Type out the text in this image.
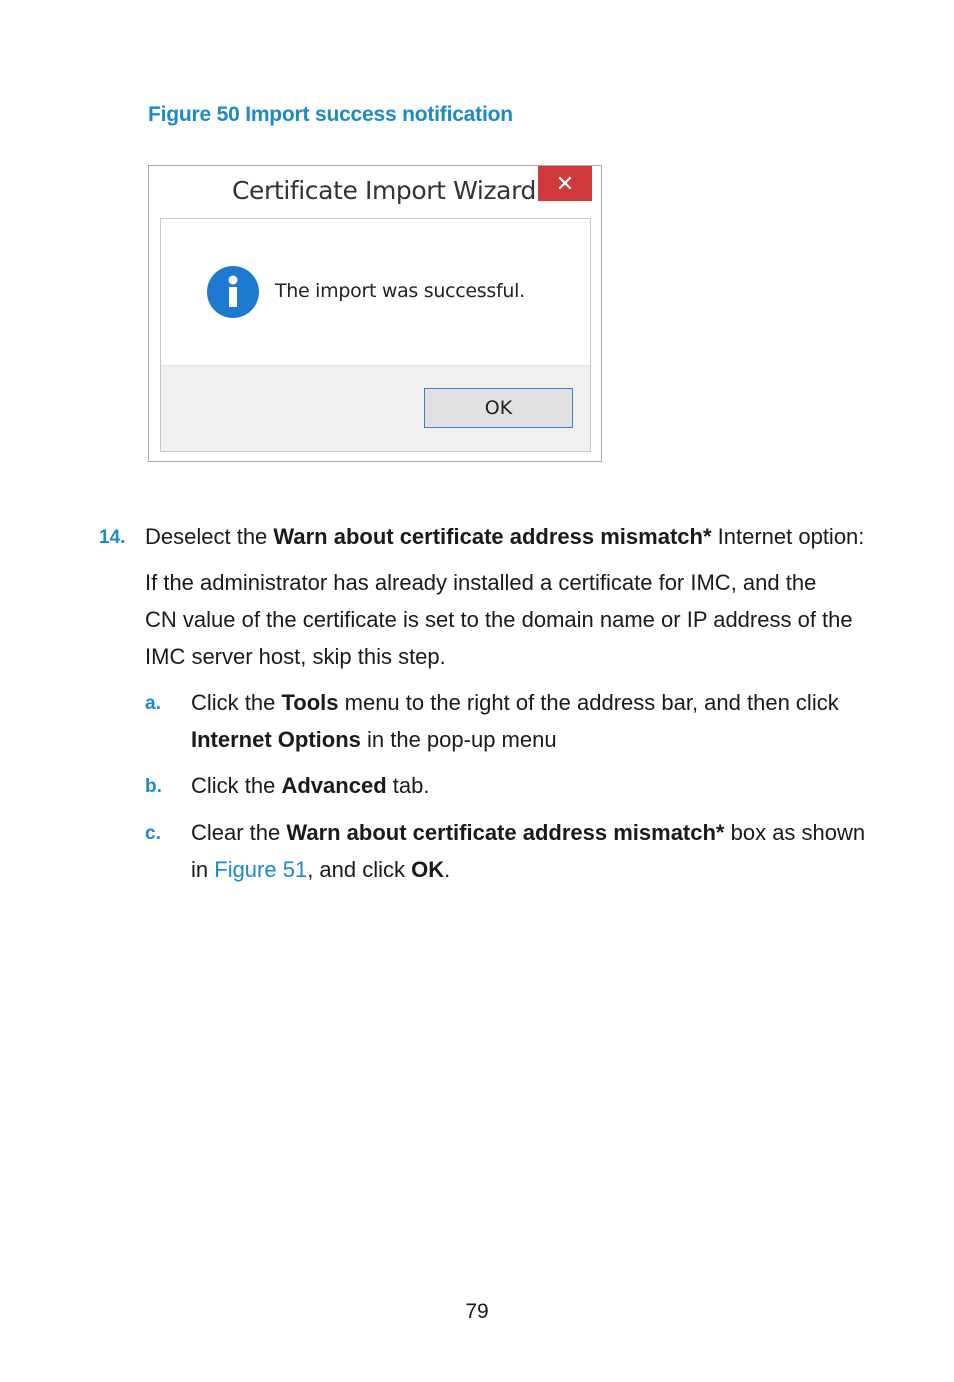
Figure 50 Import success notification
Certificate Import Wizard ✕
The import was successful.
OK
14. Deselect the Warn about certificate address mismatch* Internet option:
If the administrator has already installed a certificate for IMC, and the
CN value of the certificate is set to the domain name or IP address of the
IMC server host, skip this step.
a. Click the Tools menu to the right of the address bar, and then click
Internet Options in the pop-up menu
b. Click the Advanced tab.
c. Clear the Warn about certificate address mismatch* box as shown
in Figure 51, and click OK.
79
